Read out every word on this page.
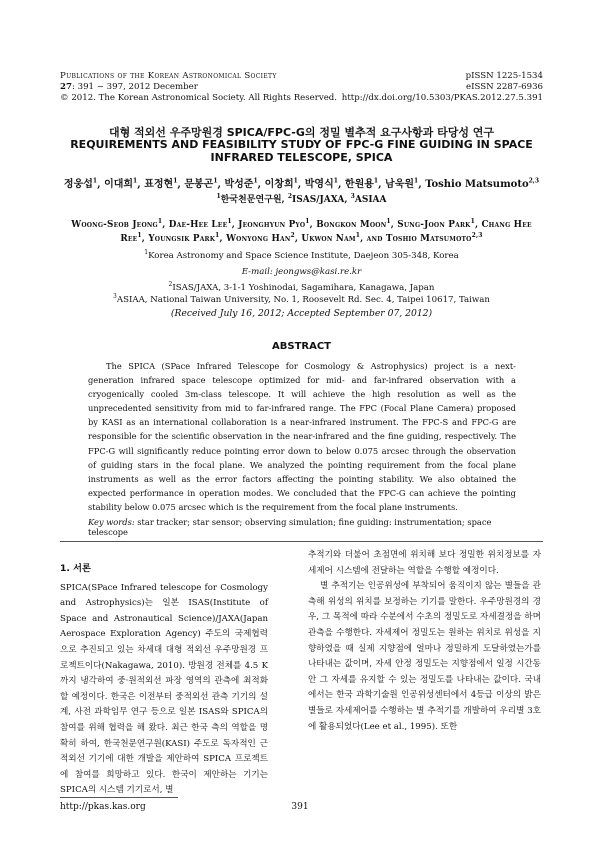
Publications of the Korean Astronomical Society	pISSN 1225-1534
27: 391 ~ 397, 2012 December	eISSN 2287-6936
© 2012. The Korean Astronomical Society. All Rights Reserved. http://dx.doi.org/10.5303/PKAS.2012.27.5.391
대형 적외선 우주망원경 SPICA/FPC-G의 정밀 별추적 요구사항과 타당성 연구
REQUIREMENTS AND FEASIBILITY STUDY OF FPC-G FINE GUIDING IN SPACE
INFRARED TELESCOPE, SPICA
정웅섭$^1$, 이대희$^1$, 표정현$^1$, 문봉곤$^1$, 박성준$^1$, 이창희$^1$, 박영식$^1$, 한원용$^1$, 남욱원$^1$, Toshio Matsumoto$^{2,3}$
$^1$한국천문연구원, $^2$ISAS/JAXA, $^3$ASIAA
Woong-Seob Jeong$^1$, Dae-Hee Lee$^1$, Jeonghyun Pyo$^1$, Bongkon Moon$^1$, Sung-Joon Park$^1$, Chang Hee
Ree$^1$, Youngsik Park$^1$, Wonyong Han$^2$, Ukwon Nam$^1$, and Toshio Matsumoto$^{2,3}$
$^1$Korea Astronomy and Space Science Institute, Daejeon 305-348, Korea
E-mail: jeongws@kasi.re.kr
$^2$ISAS/JAXA, 3-1-1 Yoshinodai, Sagamihara, Kanagawa, Japan
$^3$ASIAA, National Taiwan University, No. 1, Roosevelt Rd. Sec. 4, Taipei 10617, Taiwan
(Received July 16, 2012; Accepted September 07, 2012)
ABSTRACT
The SPICA (SPace Infrared Telescope for Cosmology & Astrophysics) project is a next-generation infrared space telescope optimized for mid- and far-infrared observation with a cryogenically cooled 3m-class telescope. It will achieve the high resolution as well as the unprecedented sensitivity from mid to far-infrared range. The FPC (Focal Plane Camera) proposed by KASI as an international collaboration is a near-infrared instrument. The FPC-S and FPC-G are responsible for the scientific observation in the near-infrared and the fine guiding, respectively. The FPC-G will significantly reduce pointing error down to below 0.075 arcsec through the observation of guiding stars in the focal plane. We analyzed the pointing requirement from the focal plane instruments as well as the error factors affecting the pointing stability. We also obtained the expected performance in operation modes. We concluded that the FPC-G can achieve the pointing stability below 0.075 arcsec which is the requirement from the focal plane instruments.
Key words: star tracker; star sensor; observing simulation; fine guiding: instrumentation; space telescope
1. 서론

SPICA(SPace Infrared telescope for Cosmology and Astrophysics)는 일본 ISAS(Institute of Space and Astronautical Science)/JAXA(Japan Aerospace Exploration Agency) 주도의 국제협력으로 추진되고 있는 차세대 대형 적외선 우주망원경 프로젝트이다(Nakagawa, 2010). 방원경 전체를 4.5 K까지 냉각하여 중·원적외선 파장 영역의 관측에 최적화할 예정이다. 한국은 이전부터 중적외선 관측 기기의 설계, 사전 과학임무 연구 등으로 일본 ISAS와 SPICA의 참여를 위해 협력을 해 왔다. 최근 한국 측의 역할을 명확히 하여, 한국천문연구원(KASI) 주도로 독자적인 근적외선 기기에 대한 개발을 제안하여 SPICA 프로젝트에 참여를 희망하고 있다. 한국이 제안하는 기기는 SPICA의 시스템 기기로서, 별

추적기와 더불어 초점면에 위치해 보다 정밀한 위치정보를 자세제어 시스템에 전달하는 역할을 수행할 예정이다.

별 추적기는 인공위성에 부착되어 움직이지 않는 별들을 관측해 위성의 위치를 보정하는 기기를 말한다. 우주망원경의 경우, 그 목적에 따라 수분에서 수초의 정밀도로 자세결정을 하며 관측을 수행한다. 자세제어 정밀도는 원하는 위치로 위성을 지향하였을 때 실제 지향점에 얼마나 정밀하게 도달하였는가를 나타내는 값이며, 자세 안정 정밀도는 지향점에서 일정 시간동안 그 자세를 유지할 수 있는 정밀도를 나타내는 값이다. 국내에서는 한국 과학기술원 인공위성센터에서 4등급 이상의 밝은 별들로 자세제어를 수행하는 별 추적기를 개발하여 우리별 3호에 활용되었다(Lee et al., 1995). 또한

http://pkas.kas.org	391
